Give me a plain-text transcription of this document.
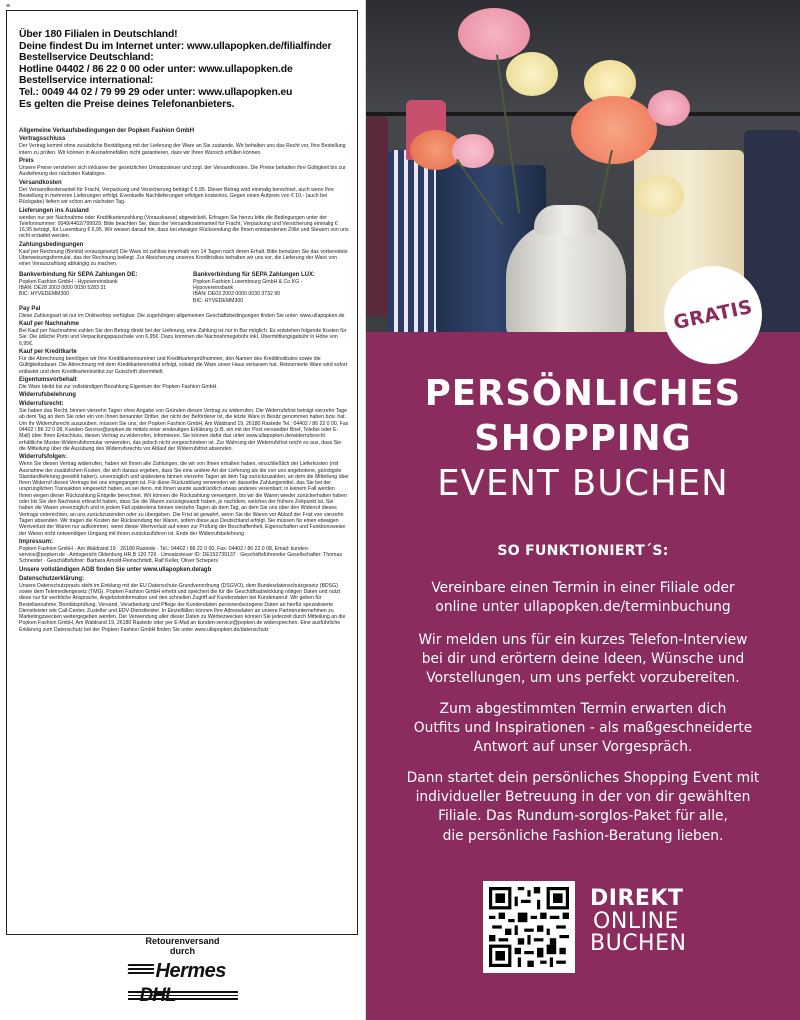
≡
Über 180 Filialen in Deutschland!
Deine findest Du im Internet unter: www.ullapopken.de/filialfinder
Bestellservice Deutschland:
Hotline 04402 / 86 22 0 00 oder unter: www.ullapopken.de
Bestellservice international:
Tel.: 0049 44 02 / 79 99 29 oder unter: www.ullapopken.eu
Es gelten die Preise deines Telefonanbieters.
Allgemeine Verkaufsbedingungen der Popken Fashion GmbH
Vertragsschluss

Der Vertrag kommt ohne zusätzliche Bestätigung mit der Lieferung der Ware an Sie zustande. Wir behalten uns das Recht vor, Ihre Bestellung intern zu prüfen. Wir können in Ausnahmefällen nicht garantieren, dass wir Ihren Wunsch erfüllen können.

Preis

Unsere Preise verstehen sich inklusive der gesetzlichen Umsatzsteuer und zzgl. der Versandkosten. Die Preise behalten ihre Gültigkeit bis zur Auslieferung des nächsten Kataloges.

Versandkosten

Der Versandkostenanteil für Fracht, Verpackung und Versicherung beträgt € 6,95. Dieser Betrag wird einmalig berechnet, auch wenn Ihre Bestellung in mehreren Lieferungen erfolgt. Eventuelle Nachlieferungen erfolgen kostenlos. Gegen einen Aufpreis von € 10,- (auch bei Rückgabe) liefern wir schon am nächsten Tag.

Lieferungen ins Ausland

werden nur per Nachnahme oder Kreditkartenzahlung (Vorauskasse) abgewickelt. Erfragen Sie hierzu bitte die Bedingungen unter der Telefonnummer: 0049/4402/799929. Bitte beachten Sie, dass der Versandkostenanteil für Fracht, Verpackung und Versicherung einmalig € 16,95 beträgt, für Luxemburg € 6,95. Wir weisen darauf hin, dass bei etwaiger Rücksendung die Ihnen entstandenen Zölle und Steuern von uns nicht erstattet werden.

Zahlungsbedingungen

Kauf per Rechnung (Bonität vorausgesetzt) Die Ware ist zahlbar innerhalb von 14 Tagen nach deren Erhalt. Bitte benutzen Sie das vorbereitete Überweisungsformular, das der Rechnung beiliegt. Zur Absicherung unseres Kreditrisikos behalten wir uns vor, die Lieferung der Ware von einer Vorauszahlung abhängig zu machen.

Bankverbindung für SEPA Zahlungen DE:
Popken Fashion GmbH - Hypovereinsbank
IBAN: DE28 2003 0000 0030 5283 31
BIC: HYVEDEMM300
Bankverbindung für SEPA Zahlungen LUX:
Popken Fashion Luxembourg GmbH & Co.KG -
Hypovereinsbank
IBAN: DE03 2003 0000 0030 3732 90
BIC: HYVEDEMM300
Pay Pal

Diese Zahlungsart ist nur im Onlineshop verfügbar. Die zugehörigen allgemeinen Geschäftsbedingungen finden Sie unter: www.ullapopken.de

Kauf per Nachnahme

Bei Kauf per Nachnahme zahlen Sie den Betrag direkt bei der Lieferung, eine Zahlung ist nur in Bar möglich. Es entstehen folgende Kosten für Sie: Die übliche Porto und Verpackungspauschale von 6,95€. Dazu kommen die Nachnahmegebühr inkl. Übermittlungsgebühr in Höhe von 6,95€.

Kauf per Kreditkarte

Für die Abrechnung benötigen wir Ihre Kreditkartennummer und Kreditkartenprüfnummer, den Namen des Kreditinstitutes sowie die Gültigkeitsdauer. Die Abrechnung mit dem Kreditkarteninstitut erfolgt, sobald die Ware unser Haus verlassen hat. Retournierte Ware wird sofort entlastet und dem Kreditkarteninstitut zur Gutschrift übermittelt.

Eigentumsvorbehalt

Die Ware bleibt bis zur vollständigen Bezahlung Eigentum der Popken Fashion GmbH.

Widerrufsbelehrung
Widerrufsrecht:

Sie haben das Recht, binnen vierzehn Tagen ohne Angabe von Gründen diesen Vertrag zu widerrufen. Die Widerrufsfrist beträgt vierzehn Tage ab dem Tag an dem Sie oder ein von Ihnen benannter Dritter, der nicht der Beförderer ist, die letzte Ware in Besitz genommen haben bzw. hat. Um Ihr Widerrufsrecht auszuüben, müssen Sie uns, der Popken Fashion GmbH, Am Waldrand 19, 26180 Rastede Tel.: 04402 / 86 22 0 00, Fax 04402 / 86 22 0 08, Kunden-Service@popken.de mittels einer eindeutigen Erklärung (z.B. ein mit der Post versandter Brief, Telefax oder E-Mail) über Ihren Entschluss, diesen Vertrag zu widerrufen, informieren. Sie können dafür das unter www.ullapopken.de/widerrufsrecht erhältliche Muster-Widerrufsformular verwenden, das jedoch nicht vorgeschrieben ist. Zur Wahrung der Widerrufsfrist reicht es aus, dass Sie die Mitteilung über die Ausübung des Widerrufsrechts vor Ablauf der Widerrufsfrist absenden.

Widerrufsfolgen:

Wenn Sie diesen Vertrag widerrufen, haben wir Ihnen alle Zahlungen, die wir von Ihnen erhalten haben, einschließlich der Lieferkosten (mit Ausnahme der zusätzlichen Kosten, die sich daraus ergeben, dass Sie eine andere Art der Lieferung als die von uns angebotene, günstigste Standardlieferung gewählt haben), unverzüglich und spätestens binnen vierzehn Tagen ab dem Tag zurückzuzahlen, an dem die Mitteilung über Ihren Widerruf dieses Vertrags bei uns eingegangen ist. Für diese Rückzahlung verwenden wir dasselbe Zahlungsmittel, das Sie bei der ursprünglichen Transaktion eingesetzt haben, es sei denn, mit Ihnen wurde ausdrücklich etwas anderes vereinbart; in keinem Fall werden Ihnen wegen dieser Rückzahlung Entgelte berechnet. Wir können die Rückzahlung verweigern, bis wir die Waren wieder zurückerhalten haben oder bis Sie den Nachweis erbracht haben, dass Sie die Waren zurückgesandt haben, je nachdem, welches der frühere Zeitpunkt ist. Sie haben die Waren unverzüglich und in jedem Fall spätestens binnen vierzehn Tagen ab dem Tag, an dem Sie uns über den Widerruf dieses Vertrags unterrichten, an uns zurückzusenden oder zu übergeben. Die Frist ist gewahrt, wenn Sie die Waren vor Ablauf der Frist von vierzehn Tagen absenden. Wir tragen die Kosten der Rücksendung der Waren, sofern diese aus Deutschland erfolgt. Sie müssen für einen etwaigen Wertverlust der Waren nur aufkommen, wenn dieser Wertverlust auf einen zur Prüfung der Beschaffenheit, Eigenschaften und Funktionsweise der Waren nicht notwendigen Umgang mit ihnen zurückzuführen ist. Ende der Widerrufsbelehrung

Impressum:

Popken Fashion GmbH · Am Waldrand 19 · 26180 Rastede · Tel.: 04402 / 86 22 0 00, Fax: 04402 / 86 22 0 08, Email: kunden-service@popken.de · Amtsgericht Oldenburg HR B 120 726 · Umsatzsteuer ID: DE152739137 · Geschäftsführender Gesellschafter: Thomas Schneider · Geschäftsführer: Barbara Arnold-Reinschmidt, Ralf Keller, Oliver Schepers

Unsere vollständigen AGB finden Sie unter www.ullapopken.de/agb
Datenschutzerklärung:

Unsere Datenschutzpraxis steht im Einklang mit der EU Datenschutz-Grundverordnung (DSGVO), dem Bundesdatenschutzgesetz (BDSG) sowie dem Telemediengesetz (TMG). Popken Fashion GmbH erhebt und speichert die für die Geschäftsabwicklung nötigen Daten und nutzt diese nur für werbliche Ansprache, Angebotsinformation und den schnellen Zugriff auf Kundendaten bei Kundenanruf. Wir geben für Bestellannahme, Bonitätsprüfung, Versand, Verarbeitung und Pflege der Kundendaten personenbezogene Daten an hierfür spezialisierte Dienstleister wie Call-Center, Zusteller und EDV-Dienstleister. In Einzelfällen können Ihre Adressdaten an unsere Partnerunternehmen zu Marketingzwecken weitergegeben werden. Der Verwendung aller dieser Daten zu Werbezwecken können Sie jederzeit durch Mitteilung an die Popken Fashion GmbH, Am Waldrand 19, 26180 Rastede oder per E-Mail an kunden-service@popken.de widersprechen. Eine ausführliche Erklärung zum Datenschutz bei der Popken Fashion GmbH finden Sie unter www.ullapopken.de/datenschutz

Retourenversand
durch
Hermes
DHL
GRATIS
PERSÖNLICHES
SHOPPING
EVENT BUCHEN
SO FUNKTIONIERT´S:
Vereinbare einen Termin in einer Filiale oder
online unter ullapopken.de/terminbuchung
Wir melden uns für ein kurzes Telefon-Interview
bei dir und erörtern deine Ideen, Wünsche und
Vorstellungen, um uns perfekt vorzubereiten.
Zum abgestimmten Termin erwarten dich
Outfits und Inspirationen - als maßgeschneiderte
Antwort auf unser Vorgespräch.
Dann startet dein persönliches Shopping Event mit
individueller Betreuung in der von dir gewählten
Filiale. Das Rundum-sorglos-Paket für alle,
die persönliche Fashion-Beratung lieben.
DIREKT
ONLINE
BUCHEN
